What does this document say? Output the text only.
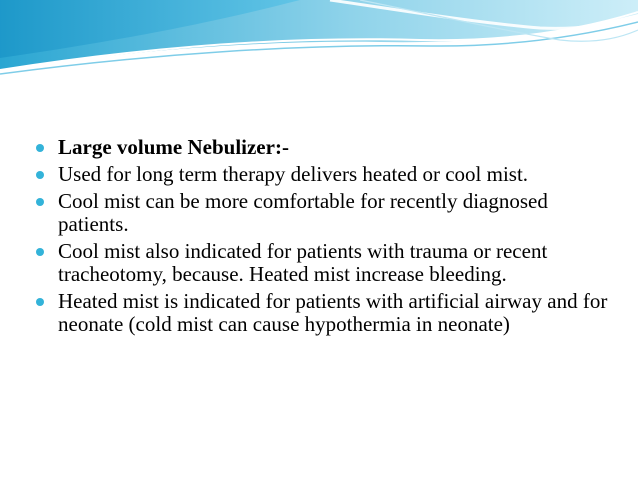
Large volume Nebulizer:-
Used for long term therapy delivers heated or cool mist.
Cool mist can be more comfortable for recently diagnosed patients.
Cool mist also indicated for patients with trauma or recent tracheotomy, because. Heated mist increase bleeding.
Heated mist is indicated for patients with artificial airway and for neonate (cold mist can cause hypothermia in neonate)
